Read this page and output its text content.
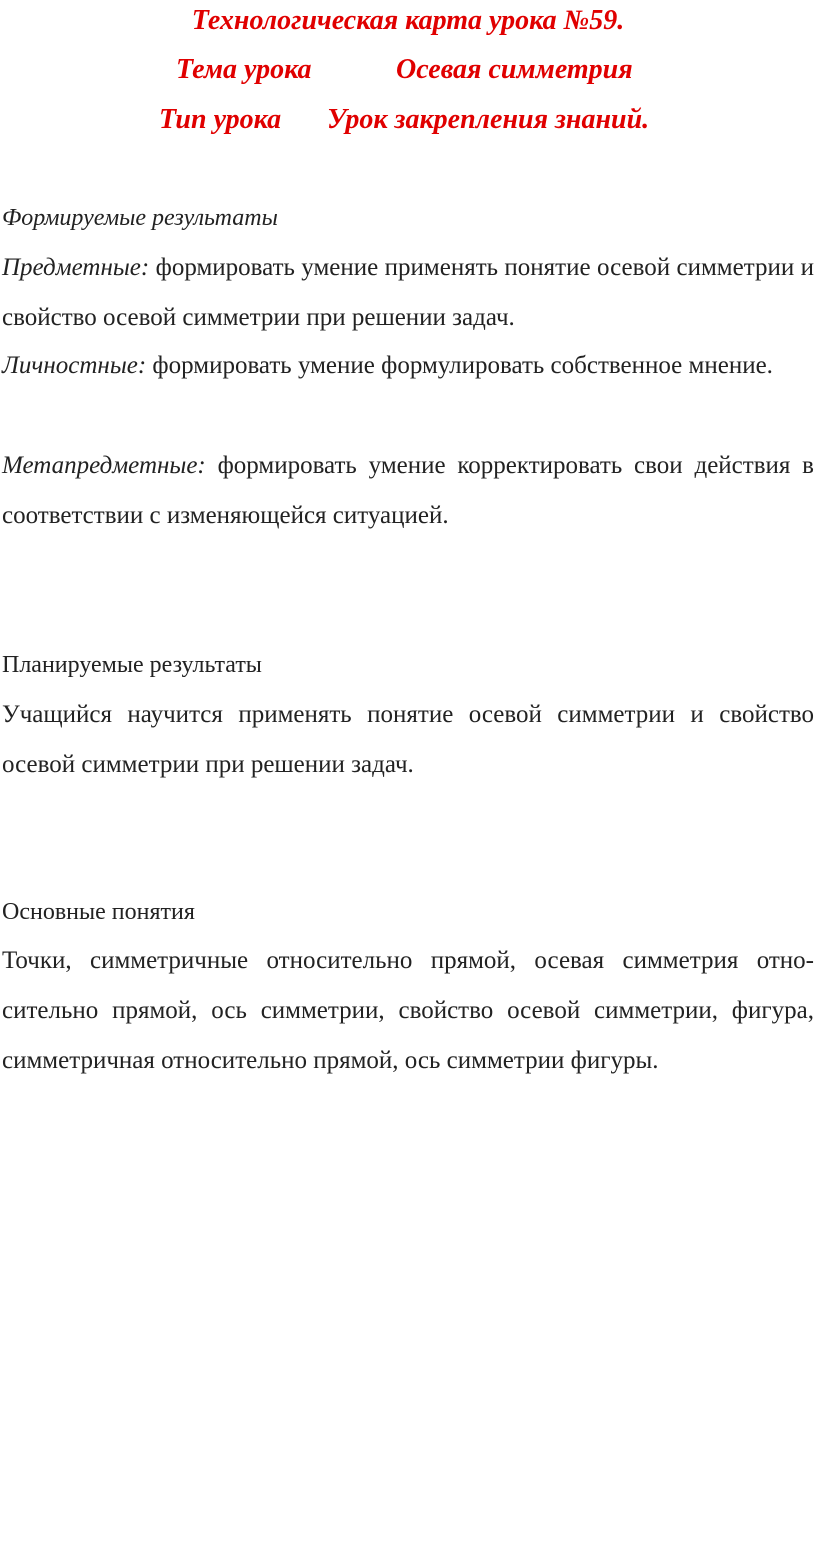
Технологическая карта урока №59.
Тема урока	Осевая симметрия
Тип урока Урок закрепления знаний.
Формируемые результаты
Предметные: формировать умение применять понятие осевой симметрии и свойство осевой симметрии при решении задач.
Личностные: формировать умение формулировать собственное мнение.
Метапредметные: формировать умение корректировать свои действия в соответствии с изменяющейся ситуацией.
Планируемые результаты
Учащийся научится применять понятие осевой симметрии и свойство осевой симметрии при решении задач.
Основные понятия
Точки, симметричные относительно прямой, осевая симметрия относительно прямой, ось симметрии, свойство осевой симметрии, фигура, симметричная относительно прямой, ось симметрии фигуры.
